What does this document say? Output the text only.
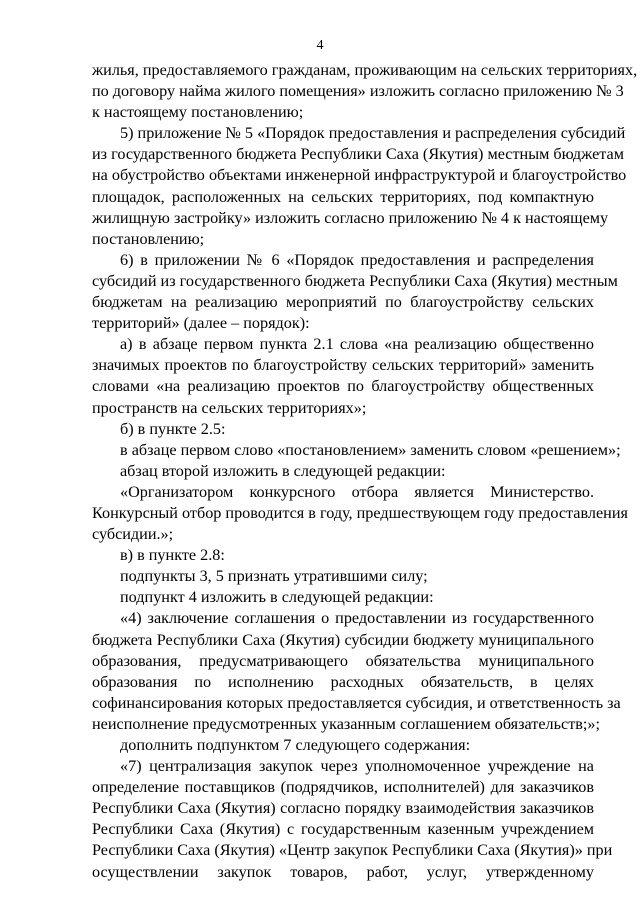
4
жилья, предоставляемого гражданам, проживающим на сельских территориях,
по договору найма жилого помещения» изложить согласно приложению № 3
к настоящему постановлению;
5) приложение № 5 «Порядок предоставления и распределения субсидий
из государственного бюджета Республики Саха (Якутия) местным бюджетам
на обустройство объектами инженерной инфраструктурой и благоустройство
площадок, расположенных на сельских территориях, под компактную
жилищную застройку» изложить согласно приложению № 4 к настоящему
постановлению;
6) в приложении № 6 «Порядок предоставления и распределения
субсидий из государственного бюджета Республики Саха (Якутия) местным
бюджетам на реализацию мероприятий по благоустройству сельских
территорий» (далее – порядок):
а) в абзаце первом пункта 2.1 слова «на реализацию общественно
значимых проектов по благоустройству сельских территорий» заменить
словами «на реализацию проектов по благоустройству общественных
пространств на сельских территориях»;
б) в пункте 2.5:
в абзаце первом слово «постановлением» заменить словом «решением»;
абзац второй изложить в следующей редакции:
«Организатором конкурсного отбора является Министерство.
Конкурсный отбор проводится в году, предшествующем году предоставления
субсидии.»;
в) в пункте 2.8:
подпункты 3, 5 признать утратившими силу;
подпункт 4 изложить в следующей редакции:
«4) заключение соглашения о предоставлении из государственного
бюджета Республики Саха (Якутия) субсидии бюджету муниципального
образования, предусматривающего обязательства муниципального
образования по исполнению расходных обязательств, в целях
софинансирования которых предоставляется субсидия, и ответственность за
неисполнение предусмотренных указанным соглашением обязательств;»;
дополнить подпунктом 7 следующего содержания:
«7) централизация закупок через уполномоченное учреждение на
определение поставщиков (подрядчиков, исполнителей) для заказчиков
Республики Саха (Якутия) согласно порядку взаимодействия заказчиков
Республики Саха (Якутия) с государственным казенным учреждением
Республики Саха (Якутия) «Центр закупок Республики Саха (Якутия)» при
осуществлении закупок товаров, работ, услуг, утвержденному
